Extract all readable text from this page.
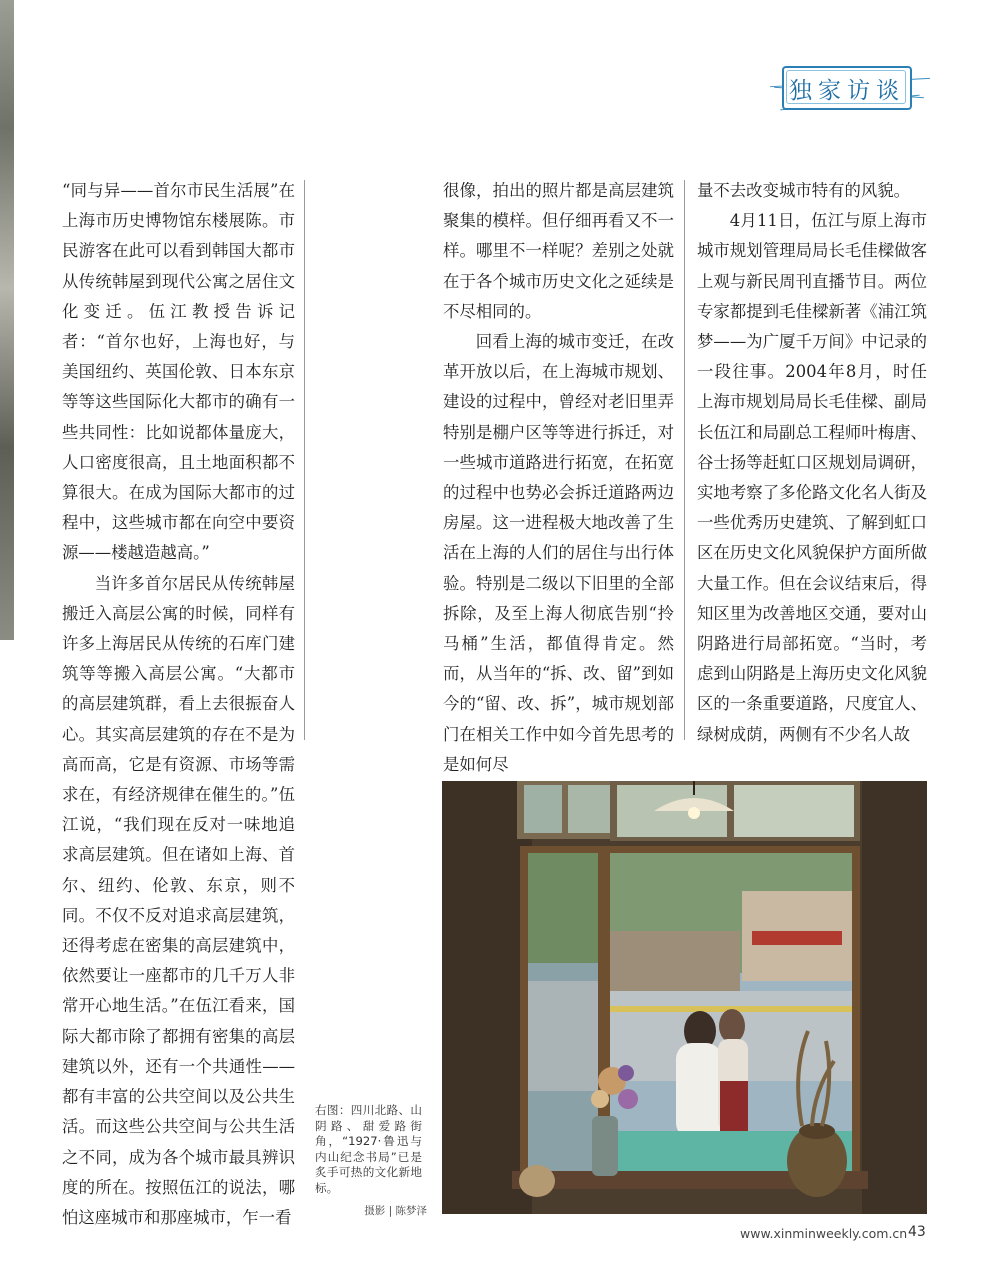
独家访谈

“同与异——首尔市民生活展”在上海市历史博物馆东楼展陈。市民游客在此可以看到韩国大都市从传统韩屋到现代公寓之居住文化变迁。伍江教授告诉记者：“首尔也好，上海也好，与美国纽约、英国伦敦、日本东京等等这些国际化大都市的确有一些共同性：比如说都体量庞大，人口密度很高，且土地面积都不算很大。在成为国际大都市的过程中，这些城市都在向空中要资源——楼越造越高。”

当许多首尔居民从传统韩屋搬迁入高层公寓的时候，同样有许多上海居民从传统的石库门建筑等等搬入高层公寓。“大都市的高层建筑群，看上去很振奋人心。其实高层建筑的存在不是为高而高，它是有资源、市场等需求在，有经济规律在催生的。”伍江说，“我们现在反对一味地追求高层建筑。但在诸如上海、首尔、纽约、伦敦、东京，则不同。不仅不反对追求高层建筑，还得考虑在密集的高层建筑中，依然要让一座都市的几千万人非常开心地生活。”在伍江看来，国际大都市除了都拥有密集的高层建筑以外，还有一个共通性——都有丰富的公共空间以及公共生活。而这些公共空间与公共生活之不同，成为各个城市最具辨识度的所在。按照伍江的说法，哪怕这座城市和那座城市，乍一看

很像，拍出的照片都是高层建筑聚集的模样。但仔细再看又不一样。哪里不一样呢？差别之处就在于各个城市历史文化之延续是不尽相同的。

回看上海的城市变迁，在改革开放以后，在上海城市规划、建设的过程中，曾经对老旧里弄特别是棚户区等等进行拆迁，对一些城市道路进行拓宽，在拓宽的过程中也势必会拆迁道路两边房屋。这一进程极大地改善了生活在上海的人们的居住与出行体验。特别是二级以下旧里的全部拆除，及至上海人彻底告别“拎马桶”生活，都值得肯定。然而，从当年的“拆、改、留”到如今的“留、改、拆”，城市规划部门在相关工作中如今首先思考的是如何尽

量不去改变城市特有的风貌。

4月11日，伍江与原上海市城市规划管理局局长毛佳樑做客上观与新民周刊直播节目。两位专家都提到毛佳樑新著《浦江筑梦——为广厦千万间》中记录的一段往事。2004年8月，时任上海市规划局局长毛佳樑、副局长伍江和局副总工程师叶梅唐、谷士扬等赶虹口区规划局调研，实地考察了多伦路文化名人街及一些优秀历史建筑、了解到虹口区在历史文化风貌保护方面所做大量工作。但在会议结束后，得知区里为改善地区交通，要对山阴路进行局部拓宽。“当时，考虑到山阴路是上海历史文化风貌区的一条重要道路，尺度宜人、绿树成荫，两侧有不少名人故

右图：四川北路、山阴路、甜爱路街角，“1927·鲁迅与内山纪念书局”已是炙手可热的文化新地标。
摄影 | 陈梦泽
www.xinminweekly.com.cn 43
